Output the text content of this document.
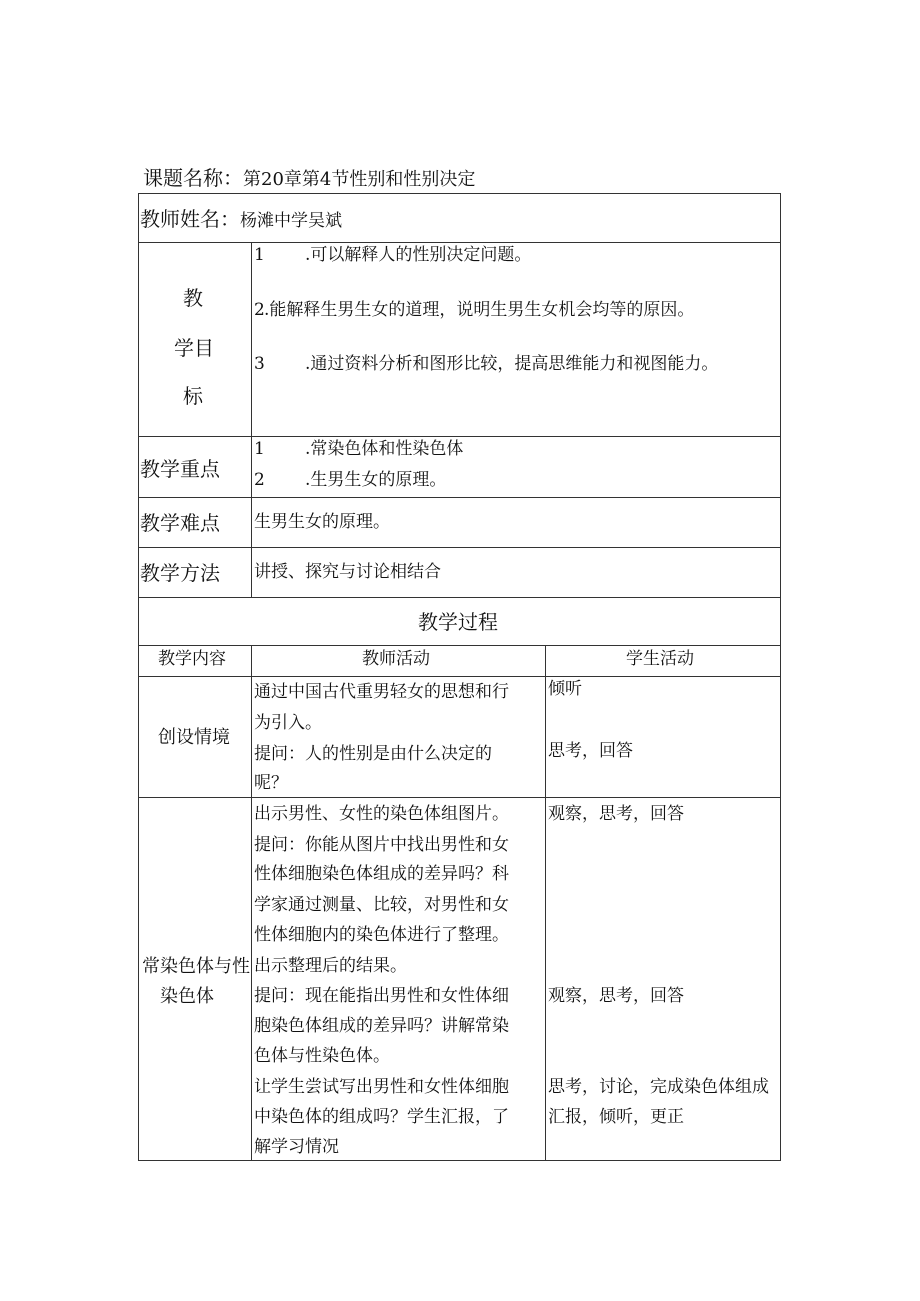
课题名称：第20章第4节性别和性别决定
教师姓名：杨滩中学吴斌
教
学目
标
1 .可以解释人的性别决定问题。
2 .能解释生男生女的道理，说明生男生女机会均等的原因。
3 .通过资料分析和图形比较，提高思维能力和视图能力。
教学重点
1 .常染色体和性染色体
2 .生男生女的原理。
教学难点 生男生女的原理。
教学方法 讲授、探究与讨论相结合
教学过程
教学内容	教师活动	学生活动
创设情境
通过中国古代重男轻女的思想和行
为引入。
提问：人的性别是由什么决定的
呢？
倾听
思考，回答
常染色体与性
染色体
出示男性、女性的染色体组图片。
提问：你能从图片中找出男性和女
性体细胞染色体组成的差异吗？科
学家通过测量、比较，对男性和女
性体细胞内的染色体进行了整理。
出示整理后的结果。
提问：现在能指出男性和女性体细
胞染色体组成的差异吗？讲解常染
色体与性染色体。
让学生尝试写出男性和女性体细胞
中染色体的组成吗？学生汇报，了
解学习情况
观察，思考，回答
观察，思考，回答
思考，讨论，完成染色体组成
汇报，倾听，更正
